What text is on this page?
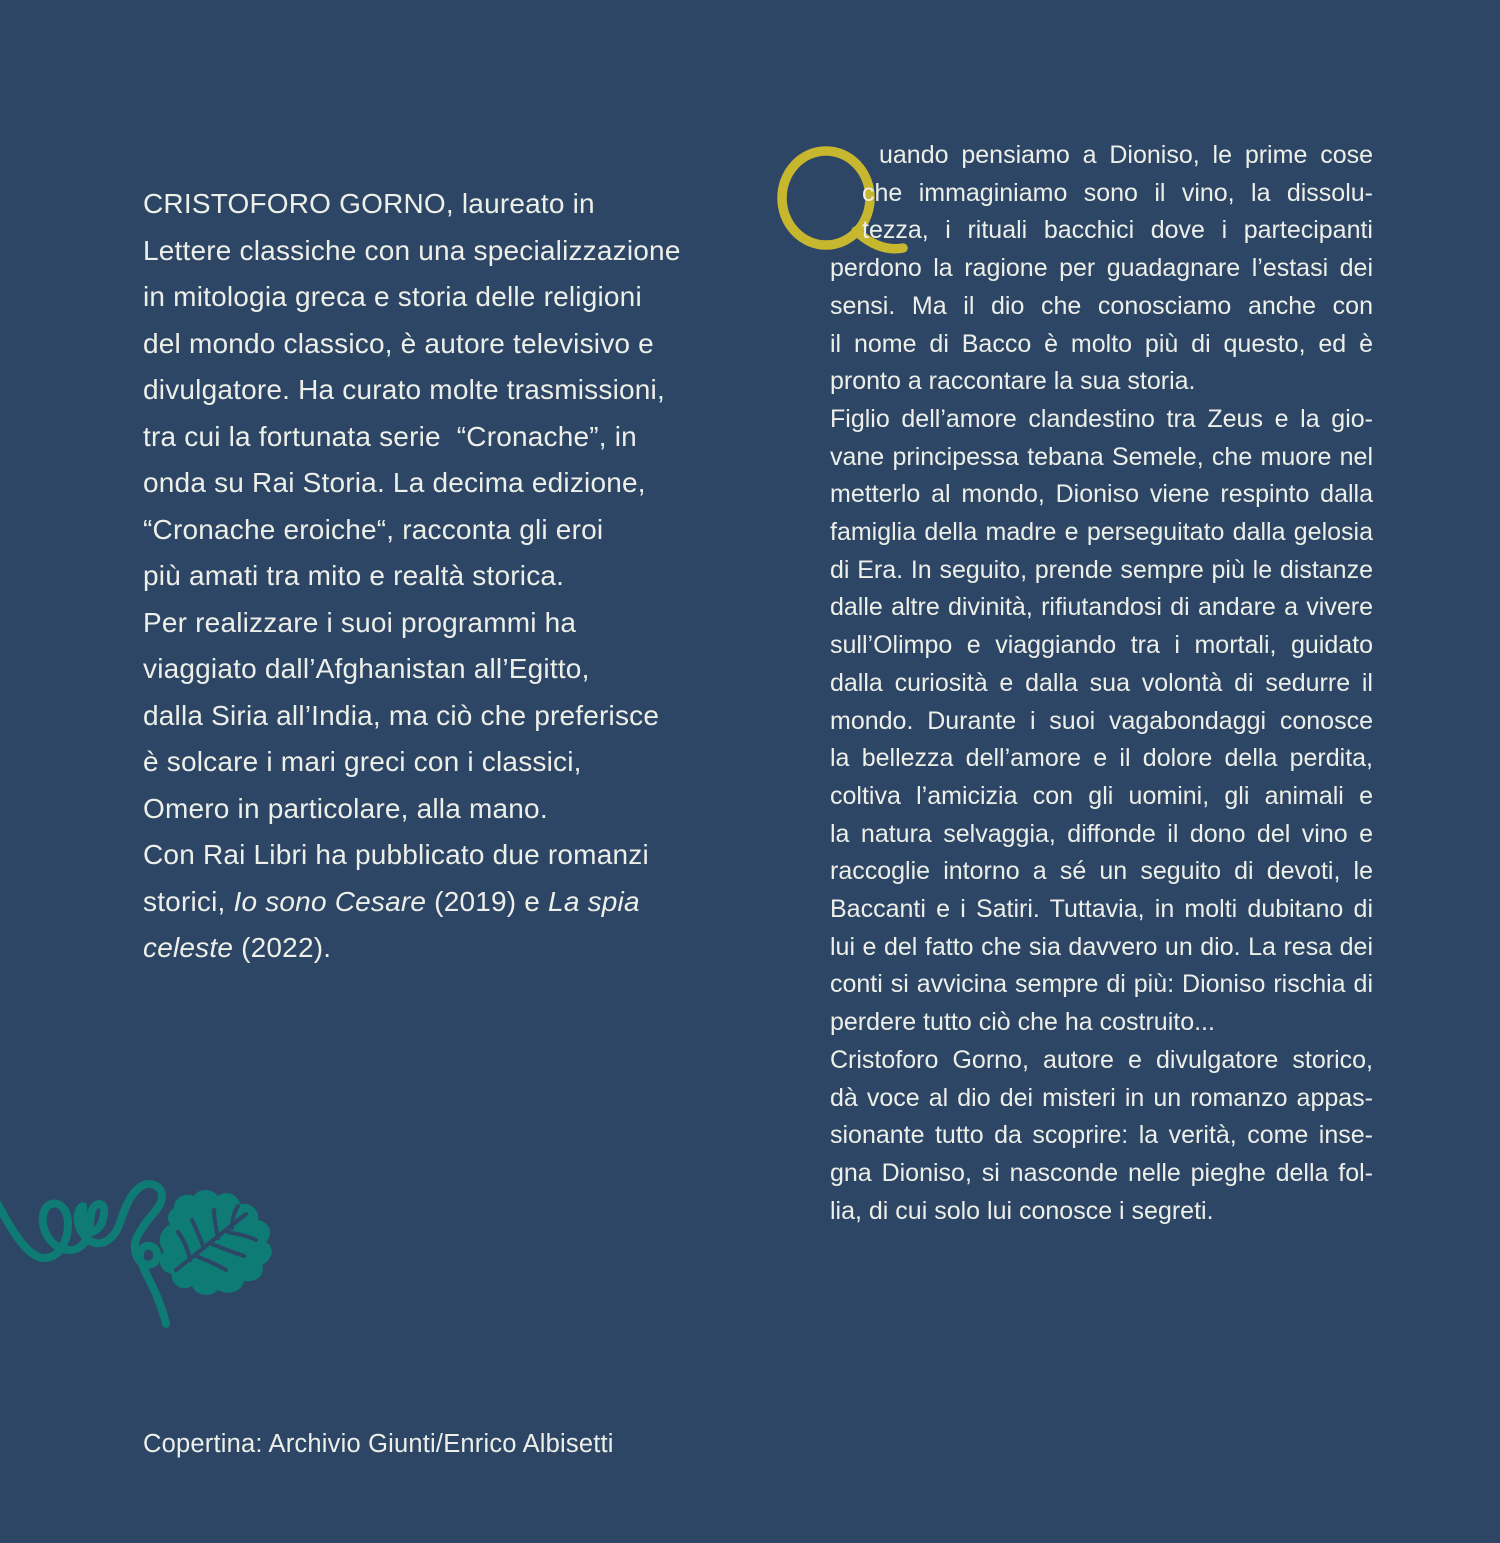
CRISTOFORO GORNO, laureato in
Lettere classiche con una specializzazione
in mitologia greca e storia delle religioni
del mondo classico, è autore televisivo e
divulgatore. Ha curato molte trasmissioni,
tra cui la fortunata serie  “Cronache”, in
onda su Rai Storia. La decima edizione,
“Cronache eroiche“, racconta gli eroi
più amati tra mito e realtà storica.
Per realizzare i suoi programmi ha
viaggiato dall’Afghanistan all’Egitto,
dalla Siria all’India, ma ciò che preferisce
è solcare i mari greci con i classici,
Omero in particolare, alla mano.
Con Rai Libri ha pubblicato due romanzi
storici, Io sono Cesare (2019) e La spia
celeste (2022).
uando pensiamo a Dioniso, le prime cose
che immaginiamo sono il vino, la dissolu-
tezza, i rituali bacchici dove i partecipanti
perdono la ragione per guadagnare l’estasi dei
sensi. Ma il dio che conosciamo anche con
il nome di Bacco è molto più di questo, ed è
pronto a raccontare la sua storia.
Figlio dell’amore clandestino tra Zeus e la gio-
vane principessa tebana Semele, che muore nel
metterlo al mondo, Dioniso viene respinto dalla
famiglia della madre e perseguitato dalla gelosia
di Era. In seguito, prende sempre più le distanze
dalle altre divinità, rifiutandosi di andare a vivere
sull’Olimpo e viaggiando tra i mortali, guidato
dalla curiosità e dalla sua volontà di sedurre il
mondo. Durante i suoi vagabondaggi conosce
la bellezza dell’amore e il dolore della perdita,
coltiva l’amicizia con gli uomini, gli animali e
la natura selvaggia, diffonde il dono del vino e
raccoglie intorno a sé un seguito di devoti, le
Baccanti e i Satiri. Tuttavia, in molti dubitano di
lui e del fatto che sia davvero un dio. La resa dei
conti si avvicina sempre di più: Dioniso rischia di
perdere tutto ciò che ha costruito...
Cristoforo Gorno, autore e divulgatore storico,
dà voce al dio dei misteri in un romanzo appas-
sionante tutto da scoprire: la verità, come inse-
gna Dioniso, si nasconde nelle pieghe della fol-
lia, di cui solo lui conosce i segreti.
Copertina: Archivio Giunti/Enrico Albisetti
